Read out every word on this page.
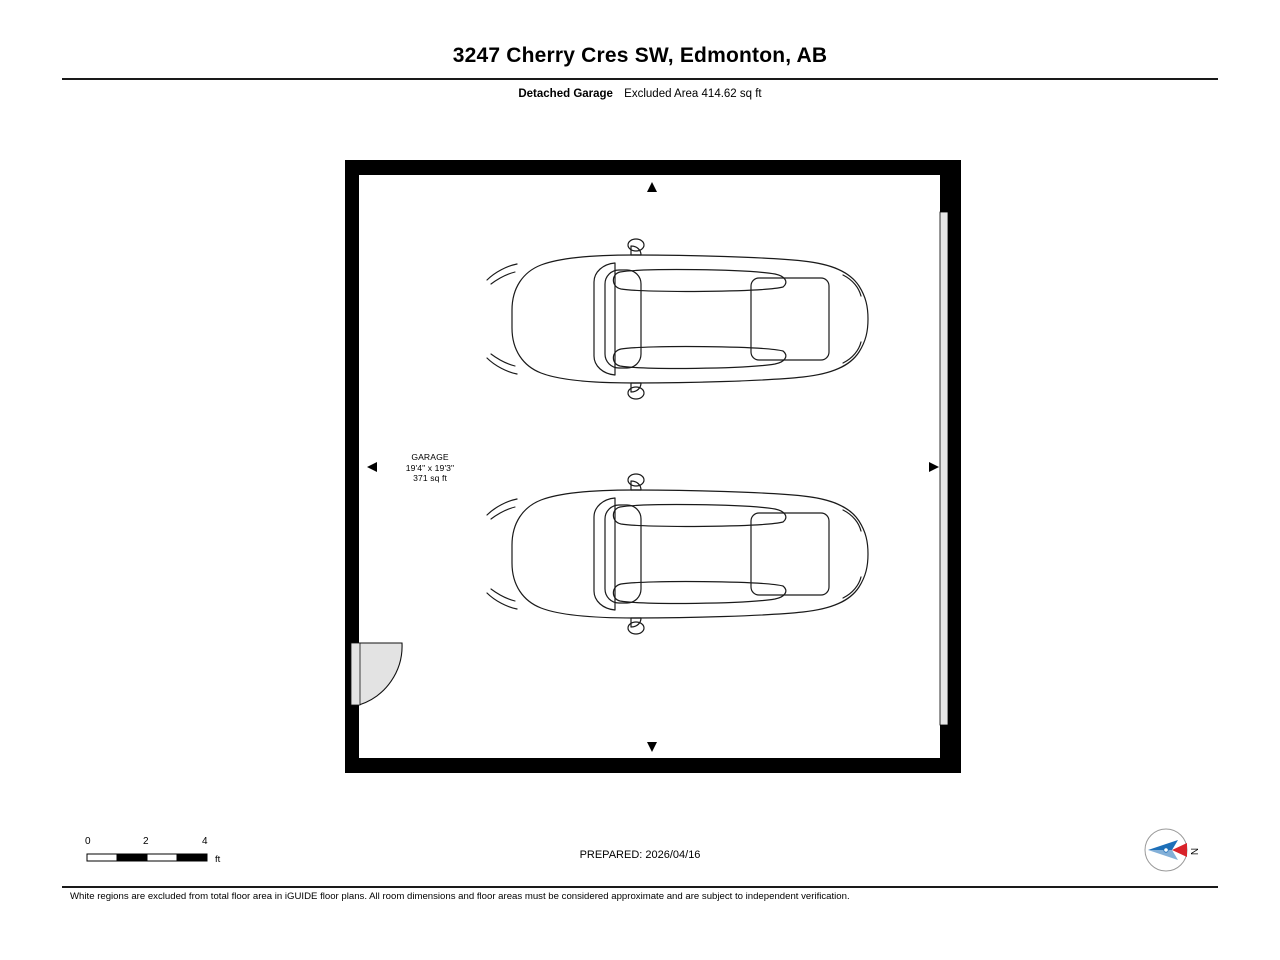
3247 Cherry Cres SW, Edmonton, AB
Detached Garage Excluded Area 414.62 sq ft
GARAGE
19'4" x 19'3"
371 sq ft
0	2	4
ft	PREPARED: 2026/04/16	N
White regions are excluded from total floor area in iGUIDE floor plans. All room dimensions and floor areas must be considered approximate and are subject to independent verification.
